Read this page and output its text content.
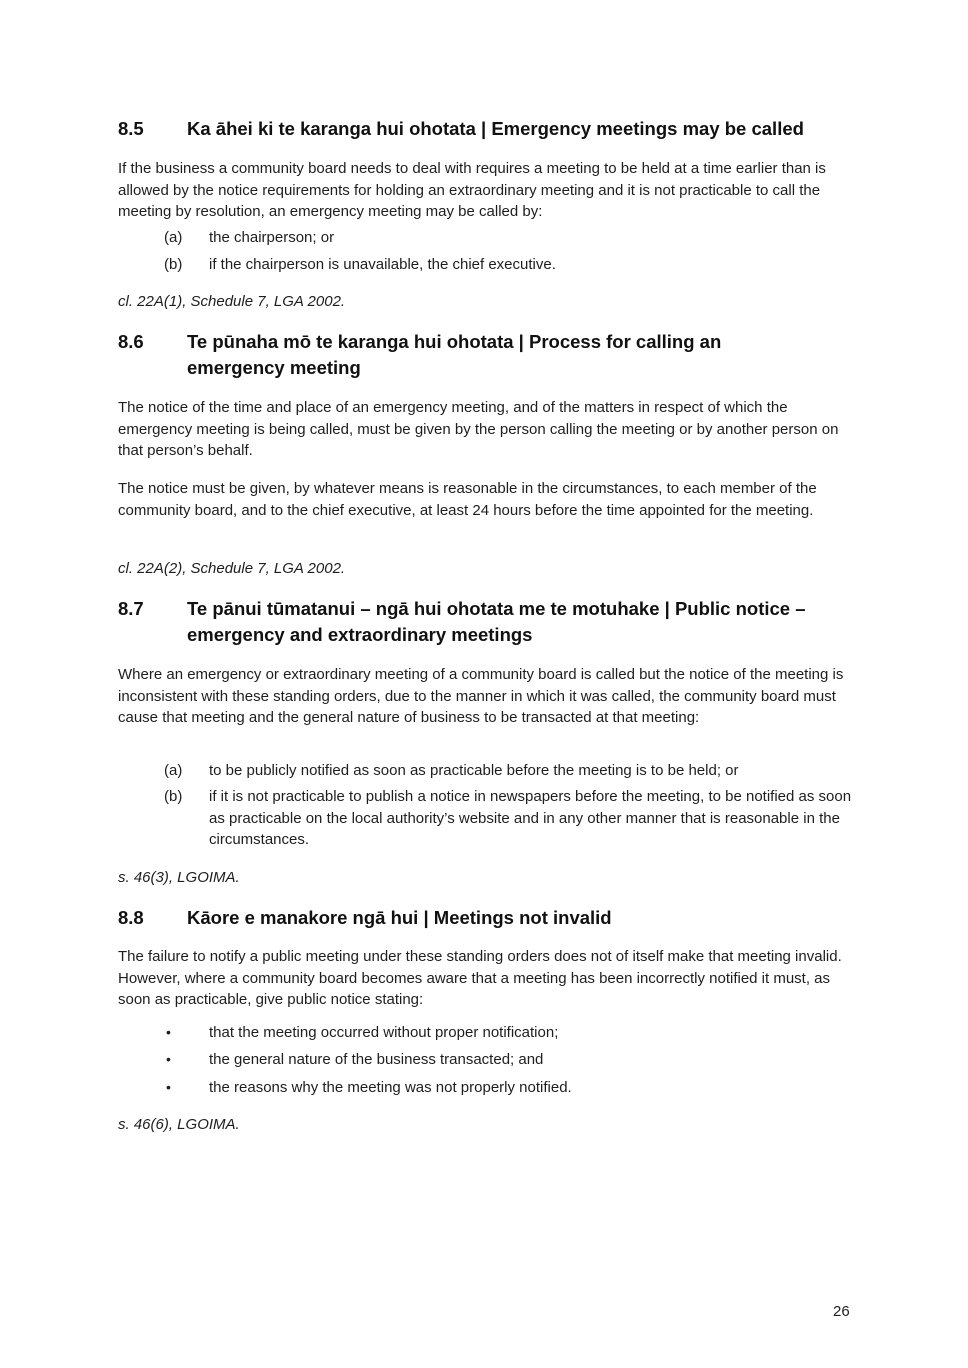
8.5 Ka āhei ki te karanga hui ohotata | Emergency meetings may be called
If the business a community board needs to deal with requires a meeting to be held at a time earlier than is allowed by the notice requirements for holding an extraordinary meeting and it is not practicable to call the meeting by resolution, an emergency meeting may be called by:
(a) the chairperson; or
(b) if the chairperson is unavailable, the chief executive.
cl. 22A(1), Schedule 7, LGA 2002.
8.6 Te pūnaha mō te karanga hui ohotata | Process for calling an emergency meeting
The notice of the time and place of an emergency meeting, and of the matters in respect of which the emergency meeting is being called, must be given by the person calling the meeting or by another person on that person’s behalf.
The notice must be given, by whatever means is reasonable in the circumstances, to each member of the community board, and to the chief executive, at least 24 hours before the time appointed for the meeting.
cl. 22A(2), Schedule 7, LGA 2002.
8.7 Te pānui tūmatanui – ngā hui ohotata me te motuhake | Public notice – emergency and extraordinary meetings
Where an emergency or extraordinary meeting of a community board is called but the notice of the meeting is inconsistent with these standing orders, due to the manner in which it was called, the community board must cause that meeting and the general nature of business to be transacted at that meeting:
(a) to be publicly notified as soon as practicable before the meeting is to be held; or
(b) if it is not practicable to publish a notice in newspapers before the meeting, to be notified as soon as practicable on the local authority’s website and in any other manner that is reasonable in the circumstances.
s. 46(3), LGOIMA.
8.8 Kāore e manakore ngā hui | Meetings not invalid
The failure to notify a public meeting under these standing orders does not of itself make that meeting invalid. However, where a community board becomes aware that a meeting has been incorrectly notified it must, as soon as practicable, give public notice stating:
•	that the meeting occurred without proper notification;
•	the general nature of the business transacted; and
•	the reasons why the meeting was not properly notified.
s. 46(6), LGOIMA.
26
